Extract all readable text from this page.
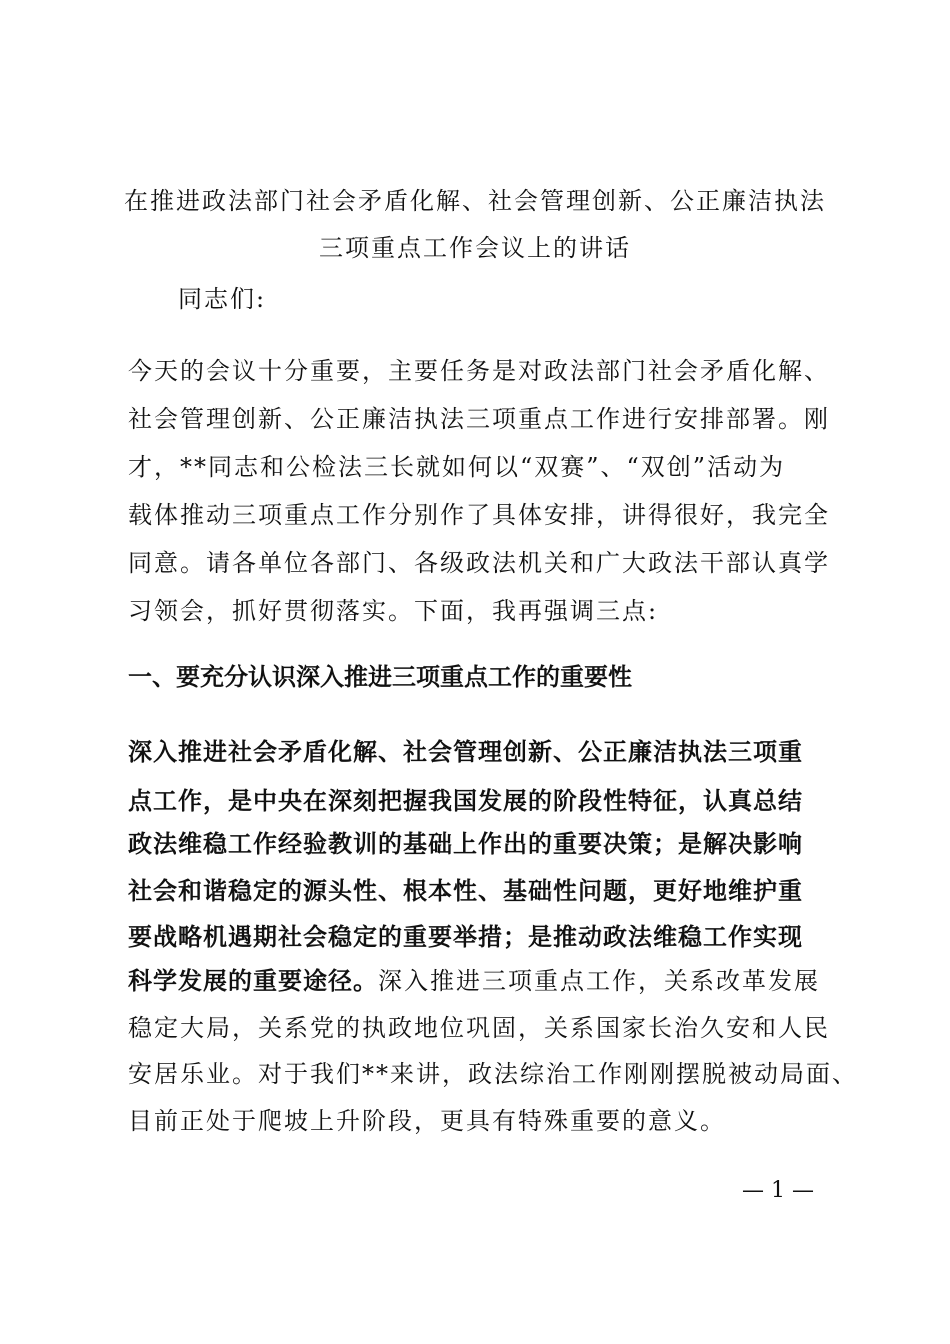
在推进政法部门社会矛盾化解、社会管理创新、公正廉洁执法
三项重点工作会议上的讲话
同志们:
今天的会议十分重要，主要任务是对政法部门社会矛盾化解、
社会管理创新、公正廉洁执法三项重点工作进行安排部署。刚
才，**同志和公检法三长就如何以“双赛”、“双创”活动为
载体推动三项重点工作分别作了具体安排，讲得很好，我完全
同意。请各单位各部门、各级政法机关和广大政法干部认真学
习领会，抓好贯彻落实。下面，我再强调三点:
一、要充分认识深入推进三项重点工作的重要性
深入推进社会矛盾化解、社会管理创新、公正廉洁执法三项重
点工作，是中央在深刻把握我国发展的阶段性特征，认真总结
政法维稳工作经验教训的基础上作出的重要决策；是解决影响
社会和谐稳定的源头性、根本性、基础性问题，更好地维护重
要战略机遇期社会稳定的重要举措；是推动政法维稳工作实现
科学发展的重要途径。深入推进三项重点工作，关系改革发展
稳定大局，关系党的执政地位巩固，关系国家长治久安和人民
安居乐业。对于我们**来讲，政法综治工作刚刚摆脱被动局面、
目前正处于爬坡上升阶段，更具有特殊重要的意义。
— 1 —
